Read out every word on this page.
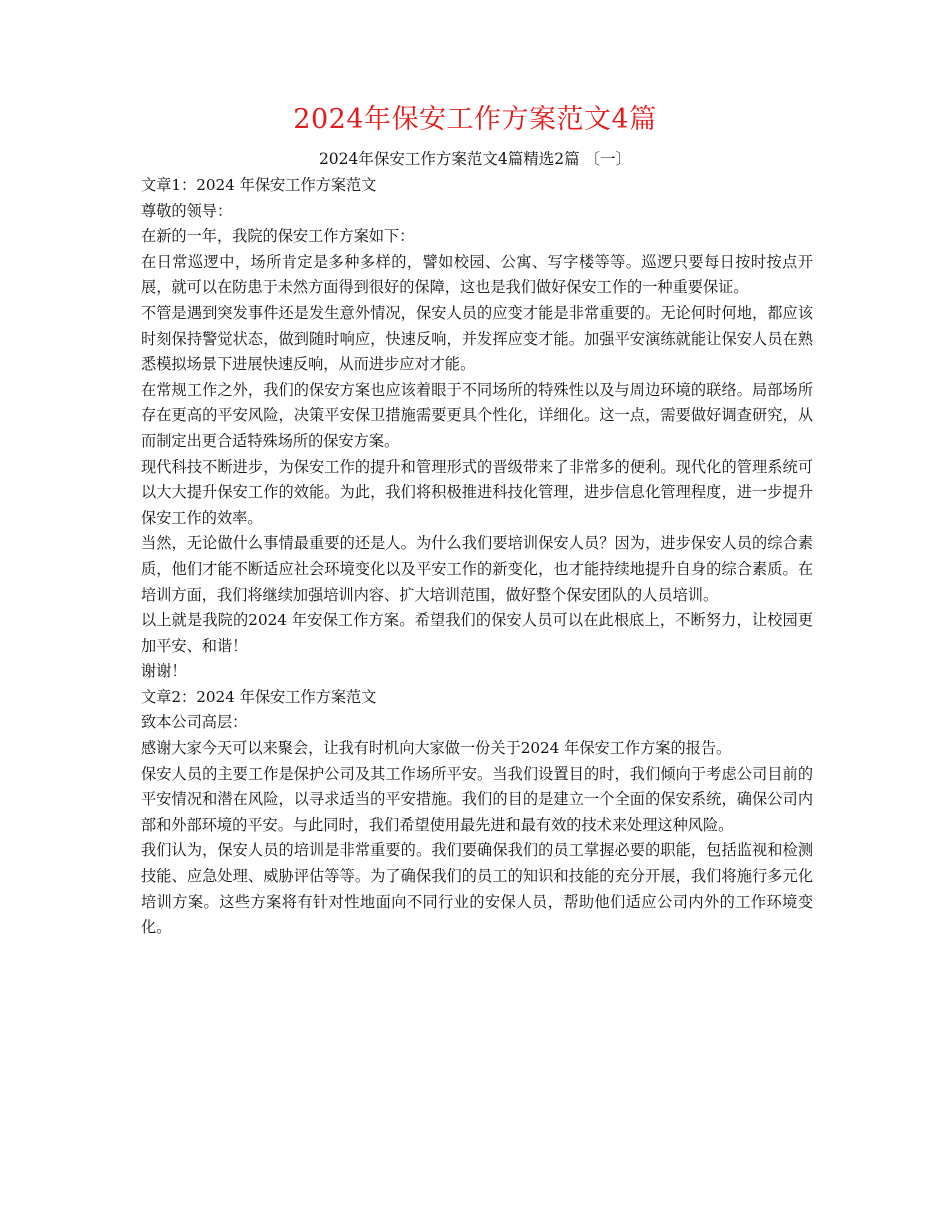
2024年保安工作方案范文4篇
2024年保安工作方案范文4篇精选2篇 〔一〕

文章1：2024 年保安工作方案范文

尊敬的领导：

在新的一年，我院的保安工作方案如下：

在日常巡逻中，场所肯定是多种多样的，譬如校园、公寓、写字楼等等。巡逻只要每日按时按点开展，就可以在防患于未然方面得到很好的保障，这也是我们做好保安工作的一种重要保证。

不管是遇到突发事件还是发生意外情况，保安人员的应变才能是非常重要的。无论何时何地，都应该时刻保持警觉状态，做到随时响应，快速反响，并发挥应变才能。加强平安演练就能让保安人员在熟悉模拟场景下进展快速反响，从而进步应对才能。

在常规工作之外，我们的保安方案也应该着眼于不同场所的特殊性以及与周边环境的联络。局部场所存在更高的平安风险，决策平安保卫措施需要更具个性化，详细化。这一点，需要做好调查研究，从而制定出更合适特殊场所的保安方案。

现代科技不断进步，为保安工作的提升和管理形式的晋级带来了非常多的便利。现代化的管理系统可以大大提升保安工作的效能。为此，我们将积极推进科技化管理，进步信息化管理程度，进一步提升保安工作的效率。

当然，无论做什么事情最重要的还是人。为什么我们要培训保安人员？因为，进步保安人员的综合素质，他们才能不断适应社会环境变化以及平安工作的新变化，也才能持续地提升自身的综合素质。在培训方面，我们将继续加强培训内容、扩大培训范围，做好整个保安团队的人员培训。

以上就是我院的2024 年安保工作方案。希望我们的保安人员可以在此根底上，不断努力，让校园更加平安、和谐！

谢谢！

文章2：2024 年保安工作方案范文

致本公司高层：

感谢大家今天可以来聚会，让我有时机向大家做一份关于2024 年保安工作方案的报告。

保安人员的主要工作是保护公司及其工作场所平安。当我们设置目的时，我们倾向于考虑公司目前的平安情况和潜在风险，以寻求适当的平安措施。我们的目的是建立一个全面的保安系统，确保公司内部和外部环境的平安。与此同时，我们希望使用最先进和最有效的技术来处理这种风险。

我们认为，保安人员的培训是非常重要的。我们要确保我们的员工掌握必要的职能，包括监视和检测技能、应急处理、威胁评估等等。为了确保我们的员工的知识和技能的充分开展，我们将施行多元化培训方案。这些方案将有针对性地面向不同行业的安保人员，帮助他们适应公司内外的工作环境变化。
